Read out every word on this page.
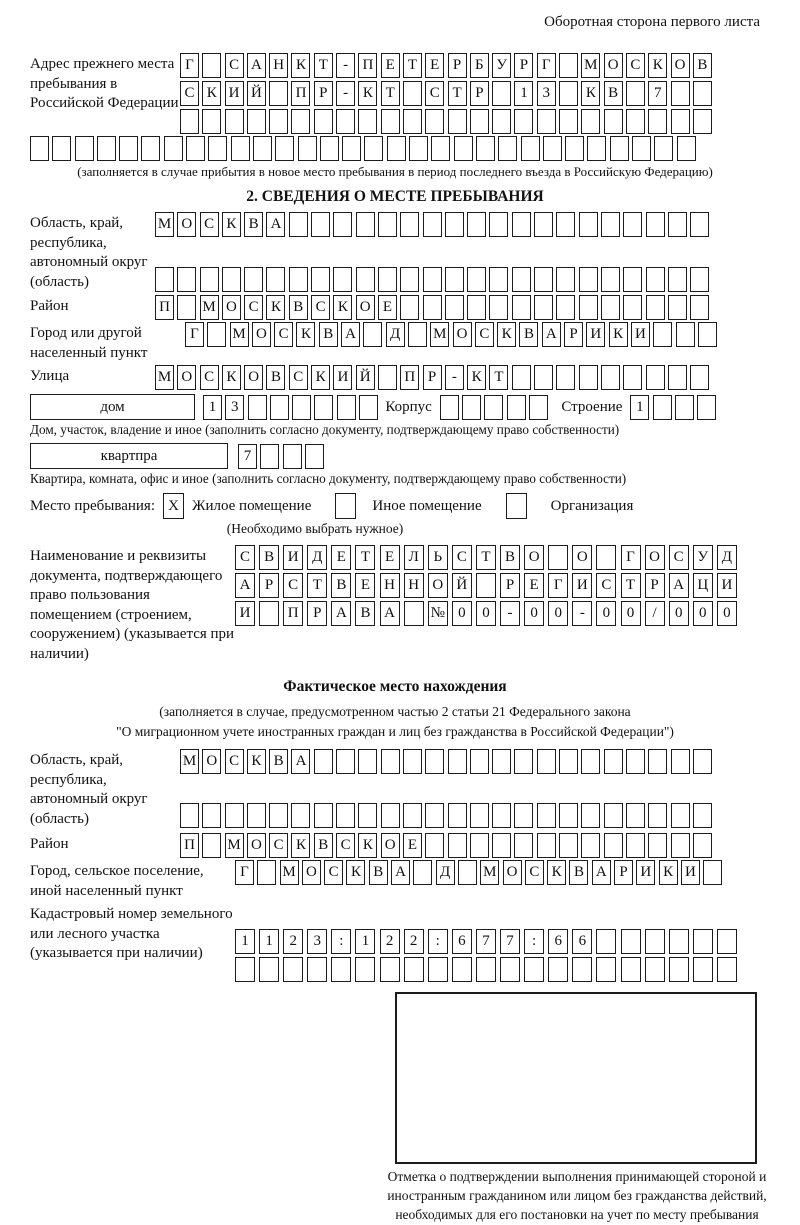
Оборотная сторона первого листа
Адрес прежнего места пребывания в Российской Федерации
Г	С А Н К Т	- П Е Т Е Р Б У Р Г	М О С К О В
С К И Й П Р	- К Т	С Т Р	1 3	К В	7
(заполняется в случае прибытия в новое место пребывания в период последнего въезда в Российскую Федерацию)
2. СВЕДЕНИЯ О МЕСТЕ ПРЕБЫВАНИЯ
Область, край, республика, автономный округ (область)
М О С К В А
Район	П М О С К В С К О Е
Город или другой населенный пункт
Г	М О С К В А Д М О С К В А Р И К И
Улица	М О С К О В С К И Й П Р	- К Т
дом	1 3	Корпус	Строение 1
Дом, участок, владение и иное (заполнить согласно документу, подтверждающему право собственности)
квартпра	7
Квартира, комната, офис и иное (заполнить согласно документу, подтверждающему право собственности)
Место пребывания: X Жилое помещение	Иное помещение	Организация
(Необходимо выбрать нужное)
Наименование и реквизиты документа, подтверждающего право пользования помещением (строением, сооружением) (указывается при наличии)
С В И Д Е Т Е Л Ь С Т В О	О	Г О С У Д
А Р С Т В Е Н Н О Й	Р	Е	Г И С Т	Р А Ц И
И	П Р А В А	№ 0	0	-	0	0	-	0	0	/	0	0	0
Фактическое место нахождения
(заполняется в случае, предусмотренном частью 2 статьи 21 Федерального закона
"О миграционном учете иностранных граждан и лиц без гражданства в Российской Федерации")
Область, край, республика, автономный округ (область)
М О С К В А
Район	П М О С К В С К О Е
Город, сельское поселение, иной населенный пункт
Г	М О С К В А Д М О С К В А Р И К И
Кадастровый номер земельного или лесного участка (указывается при наличии)
1	1	2	3	:	1	2	2	:	6	7	7	:	6	6
Отметка о подтверждении выполнения принимающей стороной и иностранным гражданином или лицом без гражданства действий, необходимых для его постановки на учет по месту пребывания
